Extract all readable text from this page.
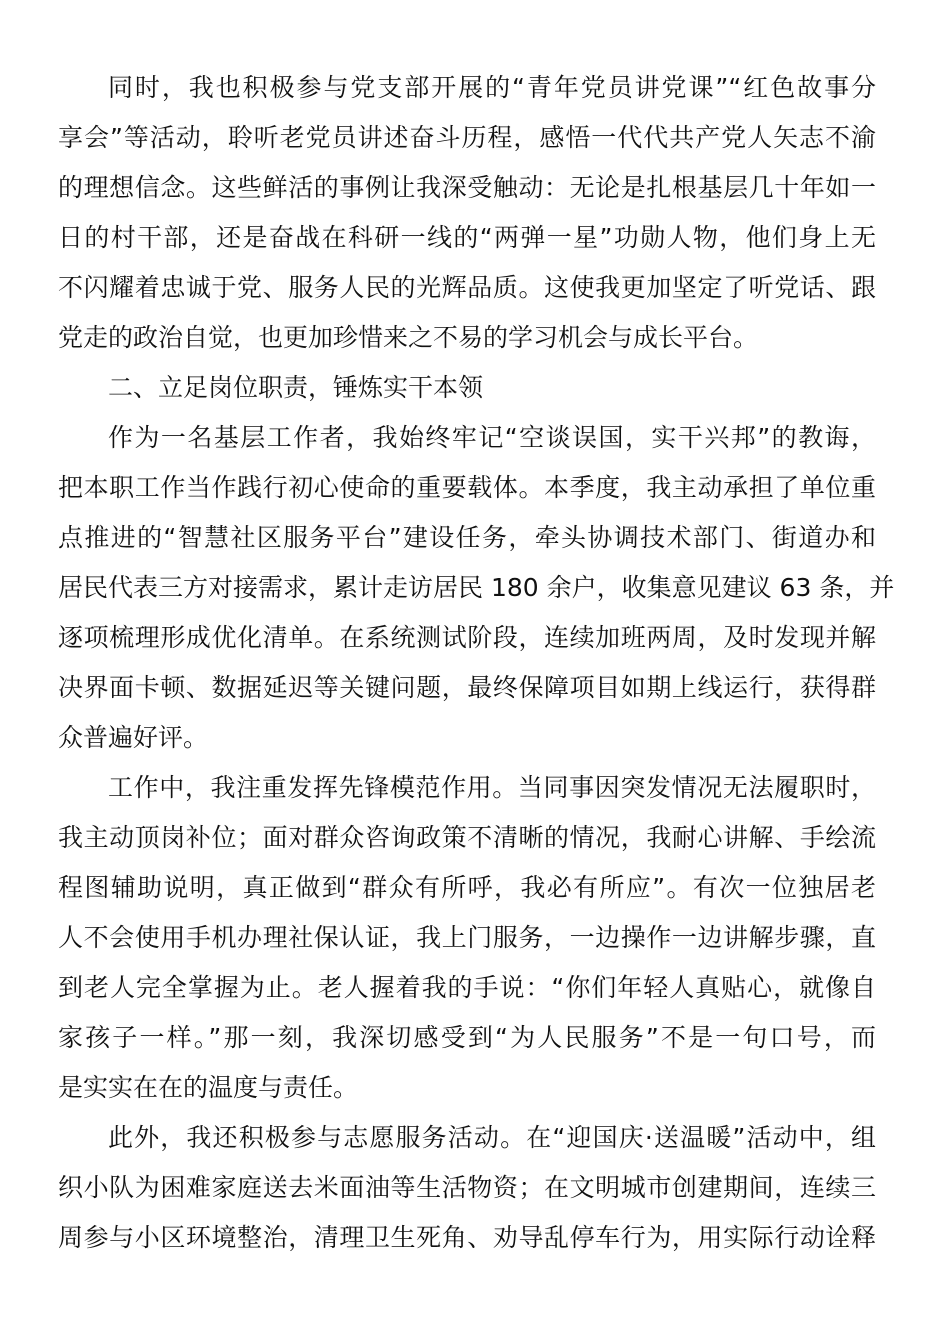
同时，我也积极参与党支部开展的“青年党员讲党课”“红色故事分
享会”等活动，聆听老党员讲述奋斗历程，感悟一代代共产党人矢志不渝
的理想信念。这些鲜活的事例让我深受触动：无论是扎根基层几十年如一
日的村干部，还是奋战在科研一线的“两弹一星”功勋人物，他们身上无
不闪耀着忠诚于党、服务人民的光辉品质。这使我更加坚定了听党话、跟
党走的政治自觉，也更加珍惜来之不易的学习机会与成长平台。
二、立足岗位职责，锤炼实干本领
作为一名基层工作者，我始终牢记“空谈误国，实干兴邦”的教诲，
把本职工作当作践行初心使命的重要载体。本季度，我主动承担了单位重
点推进的“智慧社区服务平台”建设任务，牵头协调技术部门、街道办和
居民代表三方对接需求，累计走访居民 180 余户，收集意见建议 63 条，并
逐项梳理形成优化清单。在系统测试阶段，连续加班两周，及时发现并解
决界面卡顿、数据延迟等关键问题，最终保障项目如期上线运行，获得群
众普遍好评。
工作中，我注重发挥先锋模范作用。当同事因突发情况无法履职时，
我主动顶岗补位；面对群众咨询政策不清晰的情况，我耐心讲解、手绘流
程图辅助说明，真正做到“群众有所呼，我必有所应”。有次一位独居老
人不会使用手机办理社保认证，我上门服务，一边操作一边讲解步骤，直
到老人完全掌握为止。老人握着我的手说：“你们年轻人真贴心，就像自
家孩子一样。”那一刻，我深切感受到“为人民服务”不是一句口号，而
是实实在在的温度与责任。
此外，我还积极参与志愿服务活动。在“迎国庆·送温暖”活动中，组
织小队为困难家庭送去米面油等生活物资；在文明城市创建期间，连续三
周参与小区环境整治，清理卫生死角、劝导乱停车行为，用实际行动诠释
